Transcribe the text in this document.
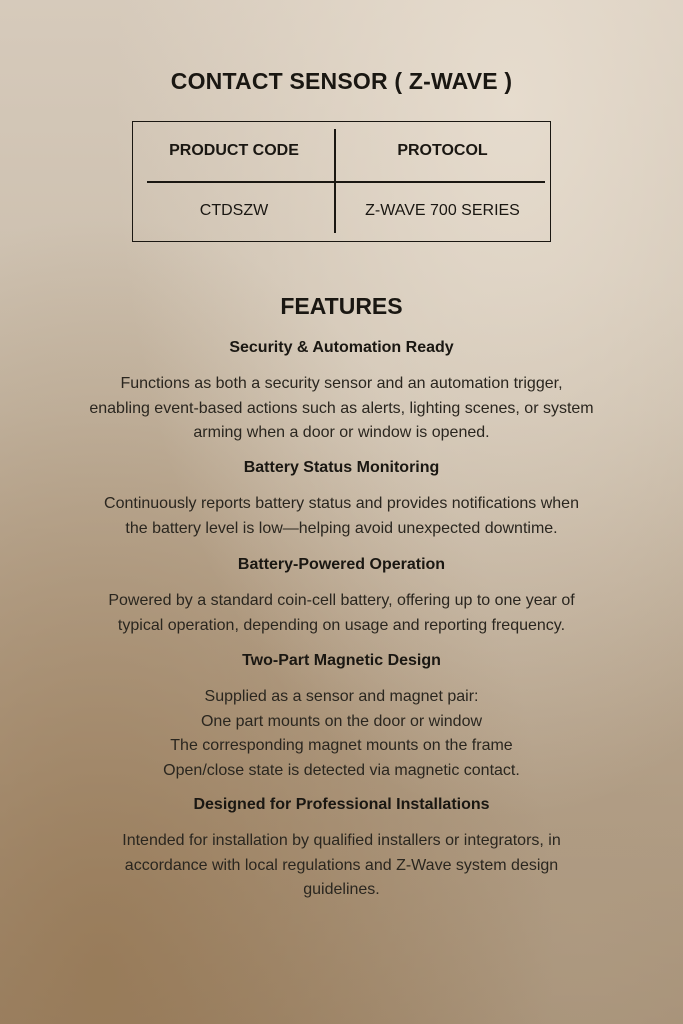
CONTACT SENSOR ( Z-WAVE )
PRODUCT CODE	PROTOCOL
CTDSZW	Z-WAVE 700 SERIES
FEATURES
Security & Automation Ready

Functions as both a security sensor and an automation trigger,
enabling event-based actions such as alerts, lighting scenes, or system
arming when a door or window is opened.

Battery Status Monitoring

Continuously reports battery status and provides notifications when
the battery level is low—helping avoid unexpected downtime.

Battery-Powered Operation

Powered by a standard coin-cell battery, offering up to one year of
typical operation, depending on usage and reporting frequency.

Two-Part Magnetic Design

Supplied as a sensor and magnet pair:
One part mounts on the door or window
The corresponding magnet mounts on the frame
Open/close state is detected via magnetic contact.

Designed for Professional Installations

Intended for installation by qualified installers or integrators, in
accordance with local regulations and Z-Wave system design
guidelines.
